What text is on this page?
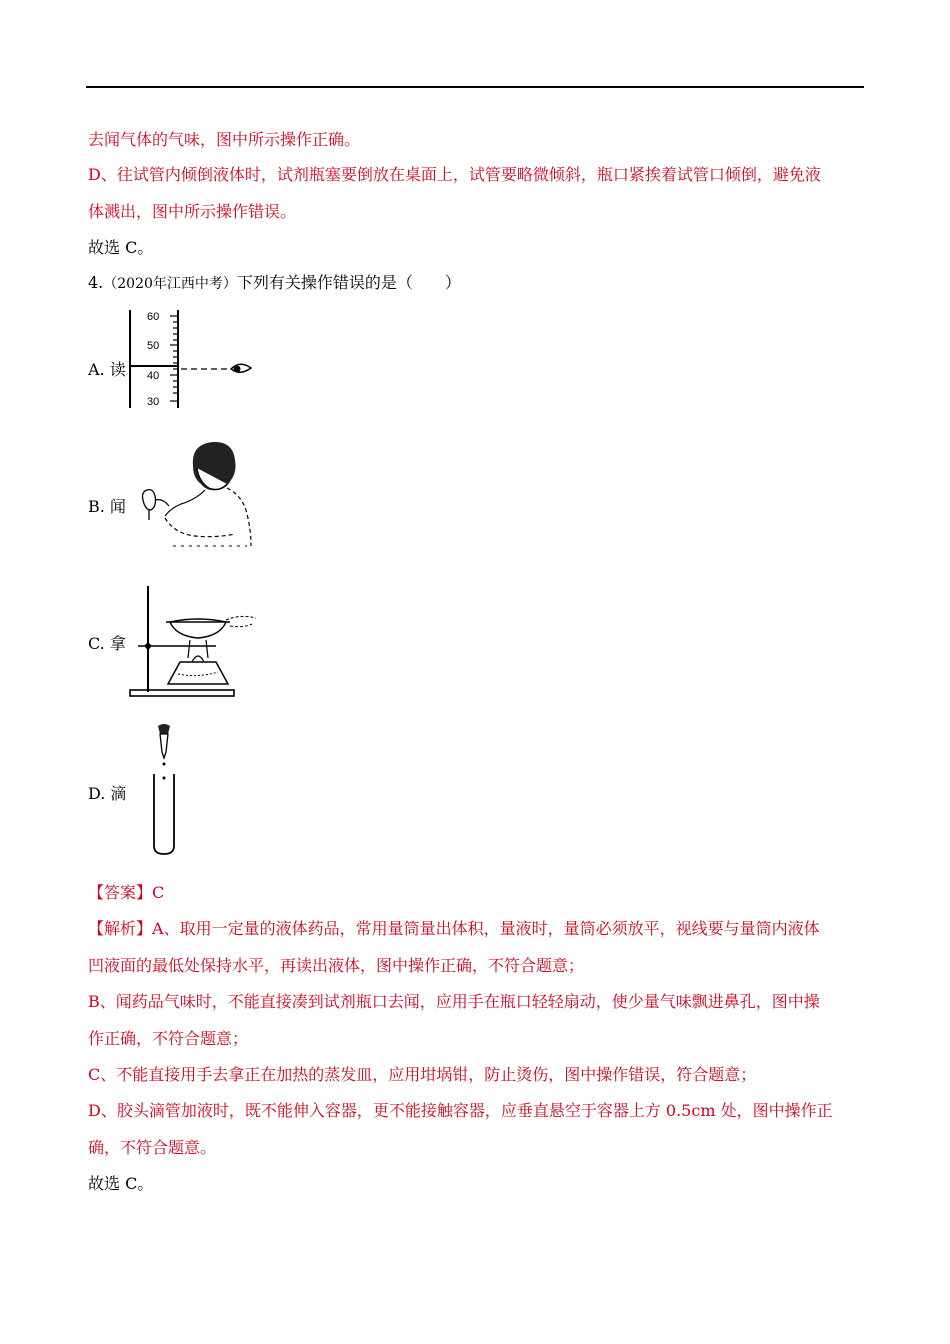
去闻气体的气味，图中所示操作正确。
D、往试管内倾倒液体时，试剂瓶塞要倒放在桌面上，试管要略微倾斜，瓶口紧挨着试管口倾倒，避免液
体溅出，图中所示操作错误。
故选 C。
4.（2020年江西中考）下列有关操作错误的是（　　）
A. 读
60
50
40
30
B. 闻
C. 拿
D. 滴
【答案】C
【解析】A、取用一定量的液体药品，常用量筒量出体积，量液时，量筒必须放平，视线要与量筒内液体
凹液面的最低处保持水平，再读出液体，图中操作正确，不符合题意；
B、闻药品气味时，不能直接凑到试剂瓶口去闻，应用手在瓶口轻轻扇动，使少量气味飘进鼻孔，图中操
作正确，不符合题意；
C、不能直接用手去拿正在加热的蒸发皿，应用坩埚钳，防止烫伤，图中操作错误，符合题意；
D、胶头滴管加液时，既不能伸入容器，更不能接触容器，应垂直悬空于容器上方 0.5cm 处，图中操作正
确，不符合题意。
故选 C。
